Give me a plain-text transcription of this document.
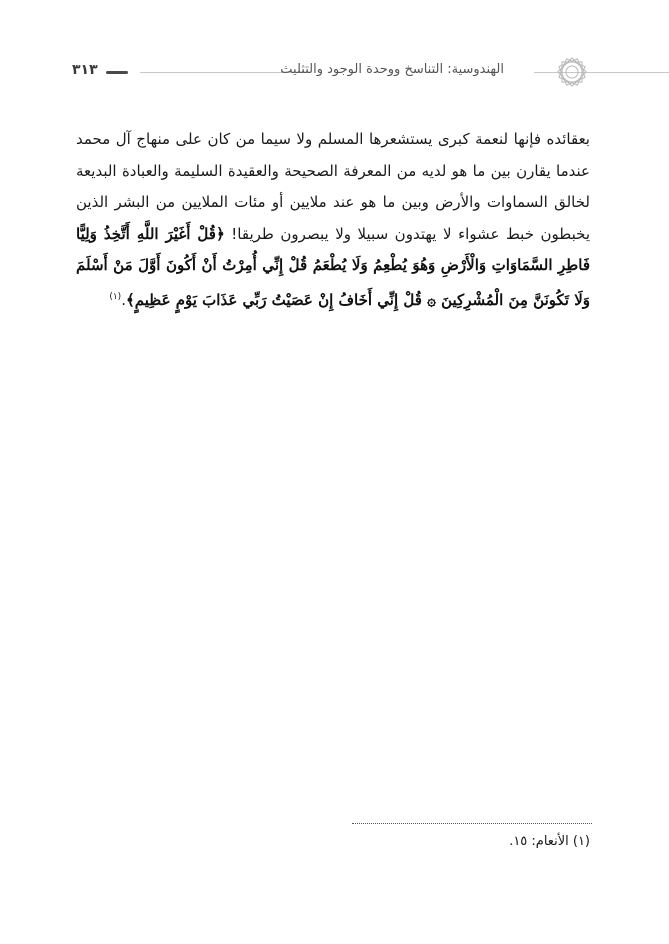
٣١٣	الهندوسية: التناسخ ووحدة الوجود والتثليث
بعقائده فإنها لنعمة كبرى يستشعرها المسلم ولا سيما من كان على منهاج آل محمد عندما يقارن بين ما هو لديه من المعرفة الصحيحة والعقيدة السليمة والعبادة البديعة لخالق السماوات والأرض وبين ما هو عند ملايين أو مئات الملايين من البشر الذين يخبطون خبط عشواء لا يهتدون سبيلا ولا يبصرون طريقا! ﴿قُلْ أَغَيْرَ اللَّهِ أَتَّخِذُ وَلِيًّا فَاطِرِ السَّمَاوَاتِ وَالْأَرْضِ وَهُوَ يُطْعِمُ وَلَا يُطْعَمُ قُلْ إِنِّي أُمِرْتُ أَنْ أَكُونَ أَوَّلَ مَنْ أَسْلَمَ وَلَا تَكُونَنَّ مِنَ الْمُشْرِكِينَ ۞ قُلْ إِنِّي أَخَافُ إِنْ عَصَيْتُ رَبِّي عَذَابَ يَوْمٍ عَظِيمٍ﴾.$^{(١)}$
(١) الأنعام: ١٥.
